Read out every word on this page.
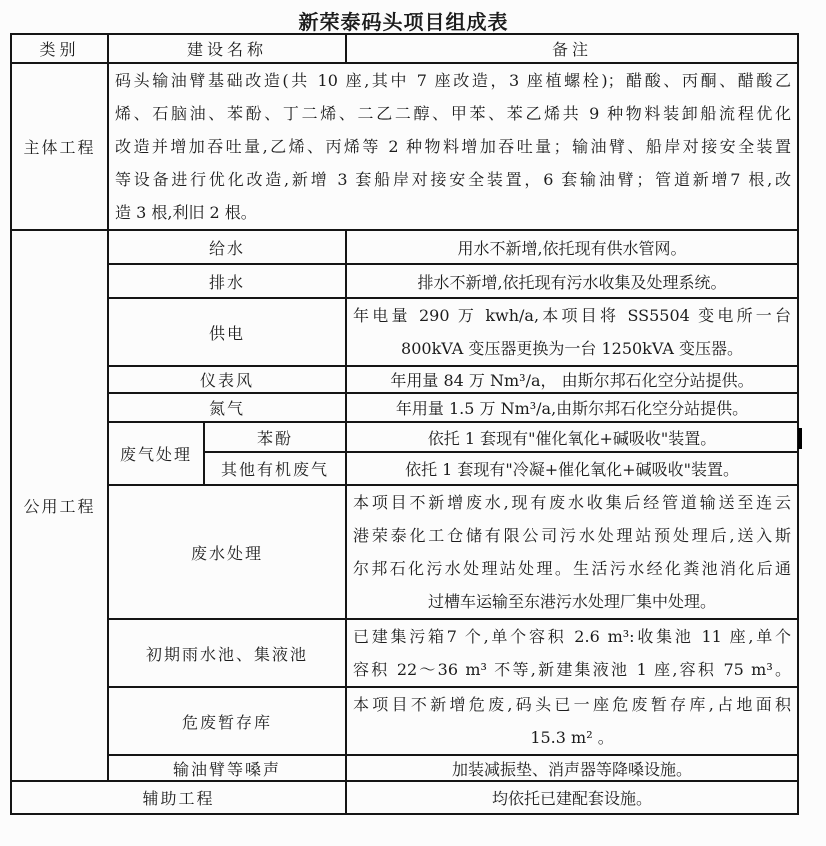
新荣泰码头项目组成表
类别	建设名称		备注
主体工程	码头输油臂基础改造(共 10 座,其中 7 座改造，3 座植螺栓)；醋酸、丙酮、醋酸乙
烯、石脑油、苯酚、丁二烯、二乙二醇、甲苯、苯乙烯共 9 种物料装卸船流程优化
改造并增加吞吐量,乙烯、丙烯等 2 种物料增加吞吐量；输油臂、船岸对接安全装置
等设备进行优化改造,新增 3 套船岸对接安全装置，6 套输油臂；管道新增7 根,改
造 3 根,利旧 2 根。		

公用工程	给水		用水不新增,依托现有供水管网。
	排水		排水不新增,依托现有污水收集及处理系统。
	供电		年电量 290 万 kwh/a,本项目将 SS5504 变电所一台
800kVA 变压器更换为一台 1250kVA 变压器。

	仪表风		年用量 84 万 Nm³/a， 由斯尔邦石化空分站提供。
	氮气		年用量 1.5 万 Nm³/a,由斯尔邦石化空分站提供。
	废气处理	苯酚	依托 1 套现有"催化氧化+碱吸收"装置。
		其他有机废气	依托 1 套现有"冷凝+催化氧化+碱吸收"装置。
	废水处理		本项目不新增废水,现有废水收集后经管道输送至连云
港荣泰化工仓储有限公司污水处理站预处理后,送入斯
尔邦石化污水处理站处理。生活污水经化粪池消化后通
过槽车运输至东港污水处理厂集中处理。

	初期雨水池、集液池		已建集污箱7 个,单个容积 2.6 m³:收集池 11 座,单个
容积 22～36 m³ 不等,新建集液池 1 座,容积 75 m³。

	危废暂存库		本项目不新增危废,码头已一座危废暂存库,占地面积
15.3 m² 。

	输油臂等嗓声		加装减振垫、消声器等降嗓设施。
辅助工程			均依托已建配套设施。
